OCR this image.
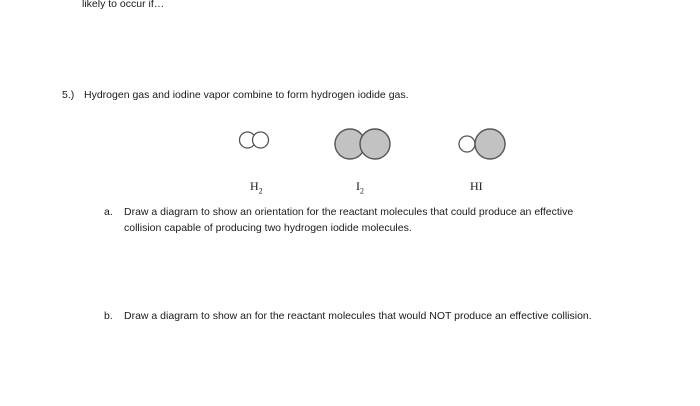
likely to occur if…
5.) Hydrogen gas and iodine vapor combine to form hydrogen iodide gas.
$H_2$	$I_2$	HI
a.	Draw a diagram to show an orientation for the reactant molecules that could produce an effective
collision capable of producing two hydrogen iodide molecules.
b.	Draw a diagram to show an for the reactant molecules that would NOT produce an effective collision.
